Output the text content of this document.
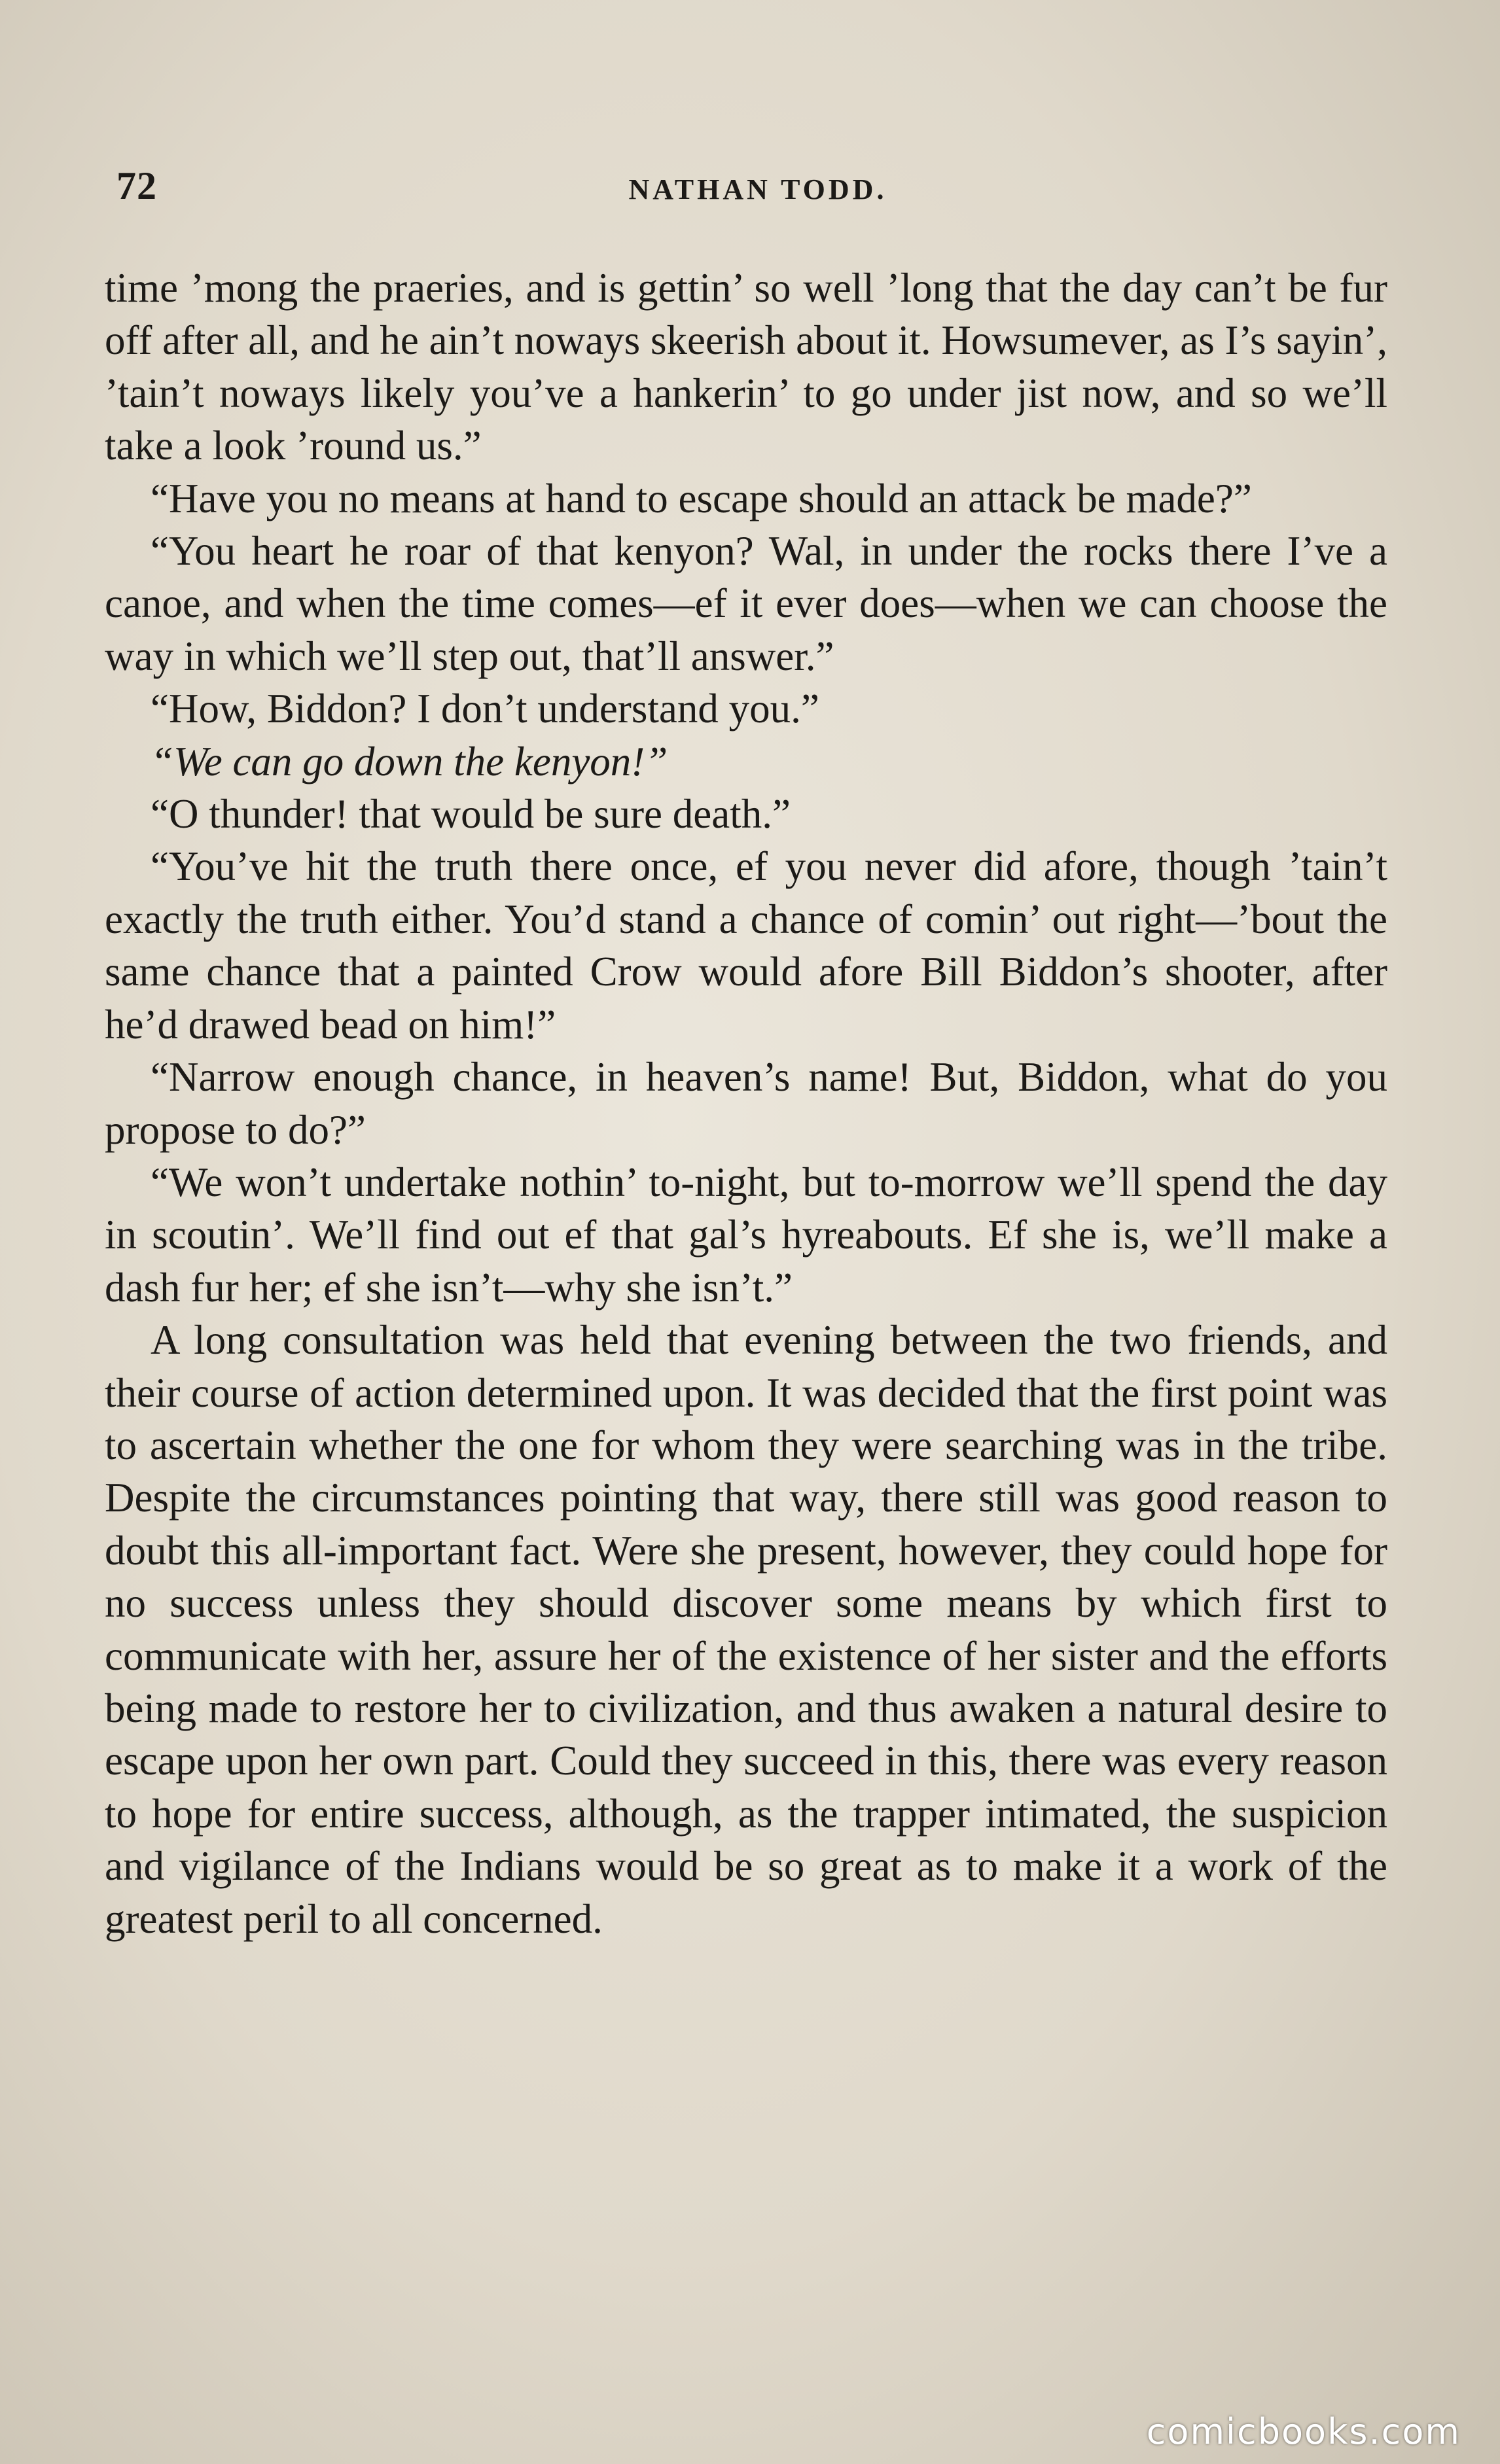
72	NATHAN TODD.

time ’mong the praeries, and is gettin’ so well ’long that the day can’t be fur off after all, and he ain’t noways skeerish about it. Howsumever, as I’s sayin’, ’tain’t noways likely you’ve a hankerin’ to go under jist now, and so we’ll take a look ’round us.”

“Have you no means at hand to escape should an attack be made?”

“You heart he roar of that kenyon? Wal, in under the rocks there I’ve a canoe, and when the time comes—ef it ever does—when we can choose the way in which we’ll step out, that’ll answer.”

“How, Biddon? I don’t understand you.”

“We can go down the kenyon!”

“O thunder! that would be sure death.”

“You’ve hit the truth there once, ef you never did afore, though ’tain’t exactly the truth either. You’d stand a chance of comin’ out right—’bout the same chance that a painted Crow would afore Bill Biddon’s shooter, after he’d drawed bead on him!”

“Narrow enough chance, in heaven’s name! But, Biddon, what do you propose to do?”

“We won’t undertake nothin’ to-night, but to-morrow we’ll spend the day in scoutin’. We’ll find out ef that gal’s hyreabouts. Ef she is, we’ll make a dash fur her; ef she isn’t—why she isn’t.”

A long consultation was held that evening between the two friends, and their course of action determined upon. It was decided that the first point was to ascertain whether the one for whom they were searching was in the tribe. Despite the circumstances pointing that way, there still was good reason to doubt this all-important fact. Were she present, however, they could hope for no success unless they should discover some means by which first to communicate with her, assure her of the existence of her sister and the efforts being made to restore her to civilization, and thus awaken a natural desire to escape upon her own part. Could they succeed in this, there was every reason to hope for entire success, although, as the trapper intimated, the suspicion and vigilance of the Indians would be so great as to make it a work of the greatest peril to all concerned.

comicbooks.com
